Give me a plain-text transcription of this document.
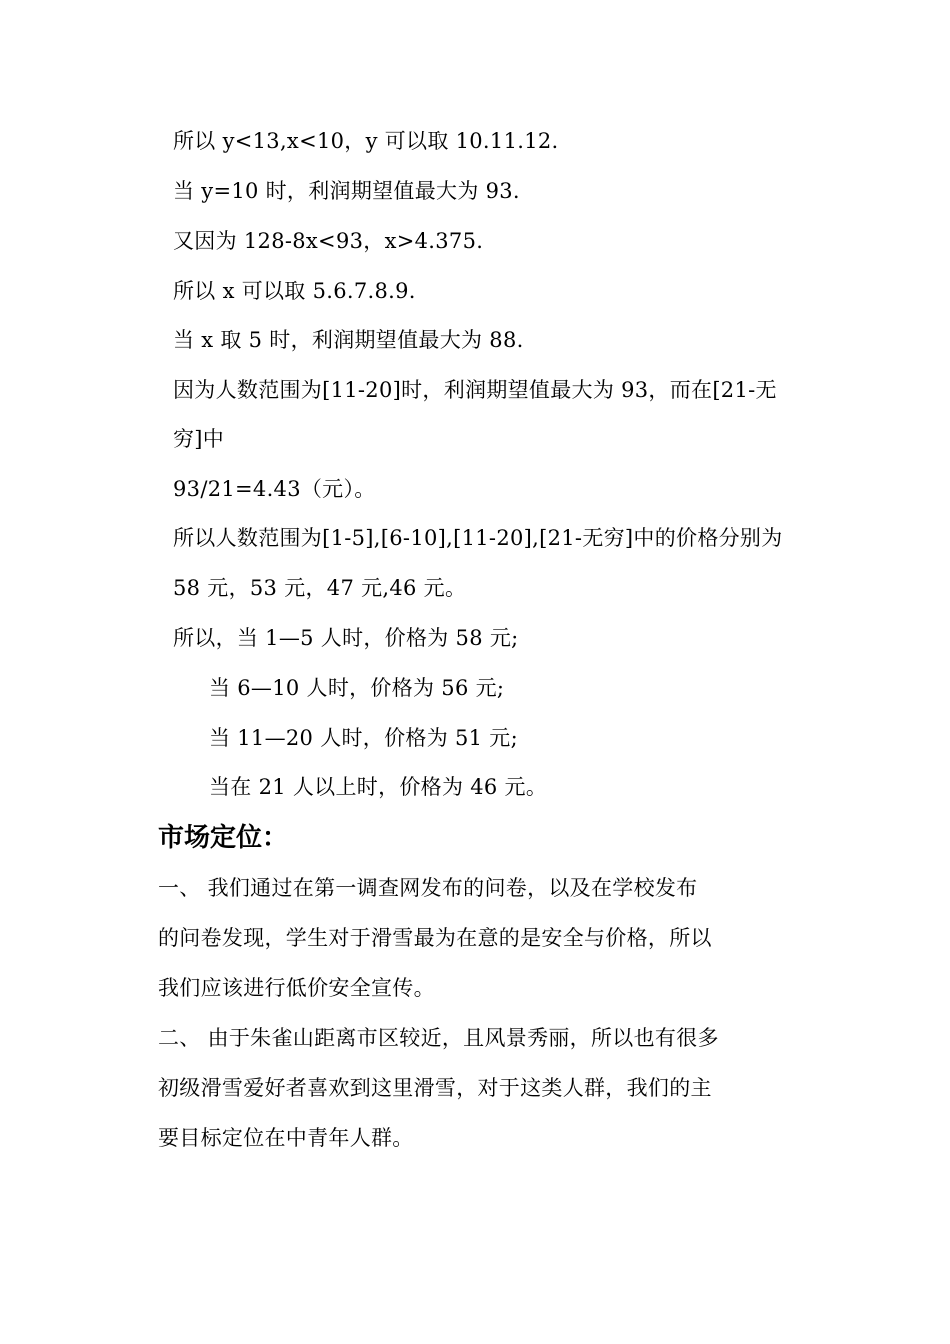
所以 y<13,x<10，y 可以取 10.11.12.
当 y=10 时，利润期望值最大为 93.
又因为 128-8x<93，x>4.375.
所以 x 可以取 5.6.7.8.9.
当 x 取 5 时，利润期望值最大为 88.
因为人数范围为[11-20]时，利润期望值最大为 93，而在[21-无
穷]中
93/21=4.43（元）。
所以人数范围为[1-5],[6-10],[11-20],[21-无穷]中的价格分别为
58 元，53 元，47 元,46 元。
所以，当 1—5 人时，价格为 58 元;
当 6—10 人时，价格为 56 元;
当 11—20 人时，价格为 51 元;
当在 21 人以上时，价格为 46 元。
市场定位：
一、 我们通过在第一调查网发布的问卷，以及在学校发布
的问卷发现，学生对于滑雪最为在意的是安全与价格，所以
我们应该进行低价安全宣传。
二、 由于朱雀山距离市区较近，且风景秀丽，所以也有很多
初级滑雪爱好者喜欢到这里滑雪，对于这类人群，我们的主
要目标定位在中青年人群。
